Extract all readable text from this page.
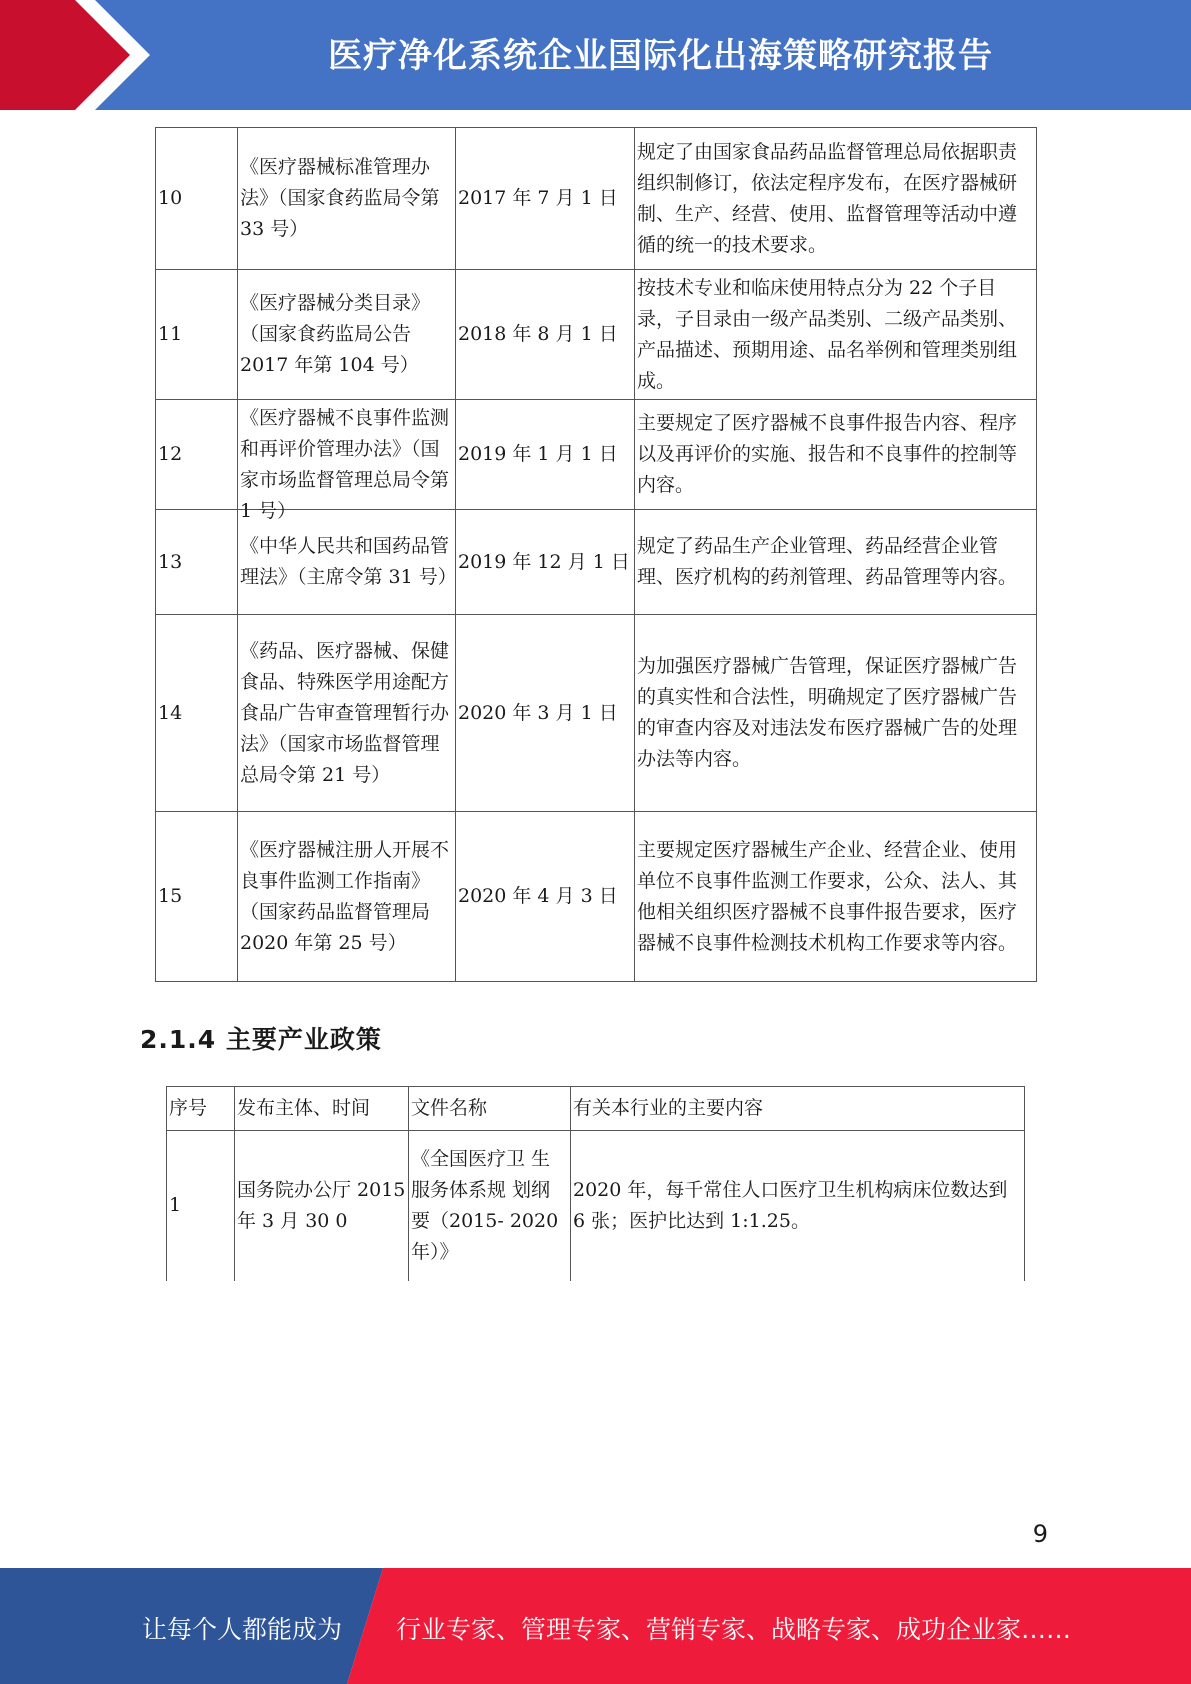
医疗净化系统企业国际化出海策略研究报告
10	《医疗器械标准管理办法》（国家食药监局令第 33 号）	2017 年 7 月 1 日	规定了由国家食品药品监督管理总局依据职责组织制修订，依法定程序发布，在医疗器械研制、生产、经营、使用、监督管理等活动中遵循的统一的技术要求。
11	《医疗器械分类目录》（国家食药监局公告 2017 年第 104 号）	2018 年 8 月 1 日	按技术专业和临床使用特点分为 22 个子目录，子目录由一级产品类别、二级产品类别、产品描述、预期用途、品名举例和管理类别组成。
12	《医疗器械不良事件监测和再评价管理办法》（国家市场监督管理总局令第 1 号）	2019 年 1 月 1 日	主要规定了医疗器械不良事件报告内容、程序以及再评价的实施、报告和不良事件的控制等内容。
13	《中华人民共和国药品管理法》（主席令第 31 号）	2019 年 12 月 1 日	规定了药品生产企业管理、药品经营企业管理、医疗机构的药剂管理、药品管理等内容。
14	《药品、医疗器械、保健食品、特殊医学用途配方食品广告审查管理暂行办法》（国家市场监督管理总局令第 21 号）	2020 年 3 月 1 日	为加强医疗器械广告管理，保证医疗器械广告的真实性和合法性，明确规定了医疗器械广告的审查内容及对违法发布医疗器械广告的处理办法等内容。
15	《医疗器械注册人开展不良事件监测工作指南》（国家药品监督管理局 2020 年第 25 号）	2020 年 4 月 3 日	主要规定医疗器械生产企业、经营企业、使用单位不良事件监测工作要求，公众、法人、其他相关组织医疗器械不良事件报告要求，医疗器械不良事件检测技术机构工作要求等内容。
2.1.4 主要产业政策
序号	发布主体、时间	文件名称	有关本行业的主要内容
1	国务院办公厅 2015 年 3 月 30 0	《全国医疗卫 生服务体系规 划纲要（2015- 2020 年）》	2020 年，每千常住人口医疗卫生机构病床位数达到 6 张；医护比达到 1:1.25。
9
让每个人都能成为 行业专家、管理专家、营销专家、战略专家、成功企业家……
